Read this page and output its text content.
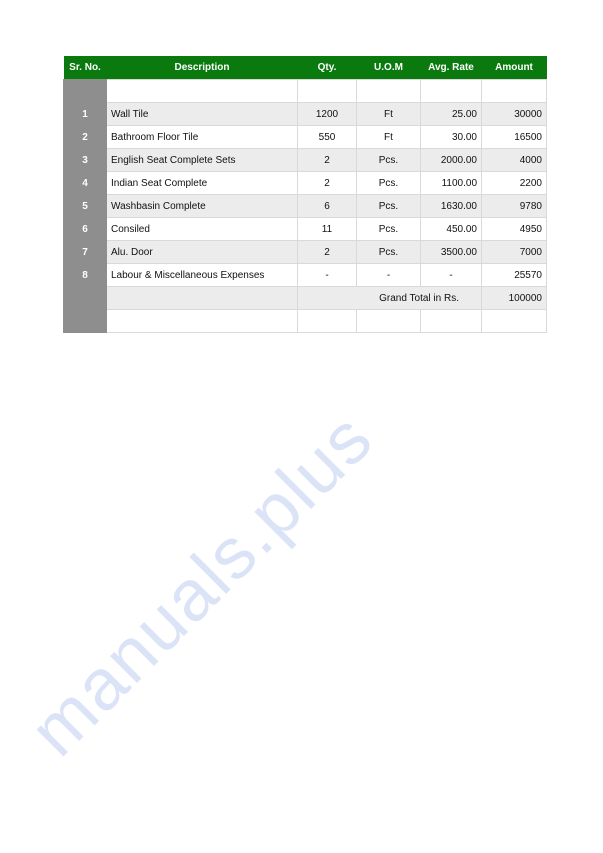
manuals.plus
Sr. No.	Description	Qty.	U.O.M	Avg. Rate	Amount

1	Wall Tile	1200	Ft	25.00	30000
2	Bathroom Floor Tile	550	Ft	30.00	16500
3	English Seat Complete Sets	2	Pcs.	2000.00	4000
4	Indian Seat Complete	2	Pcs.	1100.00	2200
5	Washbasin Complete	6	Pcs.	1630.00	9780
6	Consiled	11	Pcs.	450.00	4950
7	Alu. Door	2	Pcs.	3500.00	7000
8	Labour & Miscellaneous Expenses	-	-	-	25570
		Grand Total in Rs.			100000
